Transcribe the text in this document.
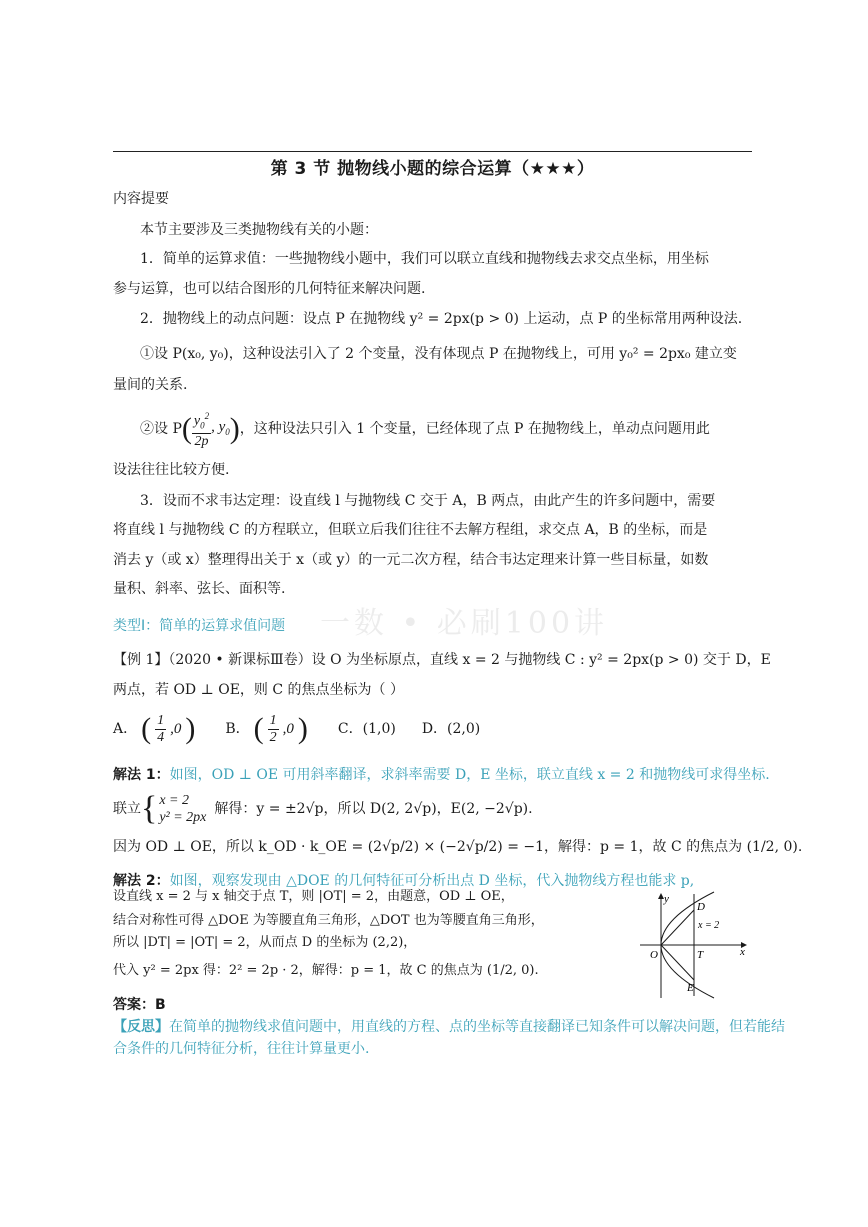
第 3 节 抛物线小题的综合运算（★★★）
内容提要
本节主要涉及三类抛物线有关的小题：
1．简单的运算求值：一些抛物线小题中，我们可以联立直线和抛物线去求交点坐标，用坐标
参与运算，也可以结合图形的几何特征来解决问题.
2．抛物线上的动点问题：设点 P 在抛物线 y² = 2px(p > 0) 上运动，点 P 的坐标常用两种设法.
①设 P(x₀, y₀)，这种设法引入了 2 个变量，没有体现点 P 在抛物线上，可用 y₀² = 2px₀ 建立变
量间的关系.
②设 P ( $\frac{y_0^2}{2p}$ , $y_0$ ) ，这种设法只引入 1 个变量，已经体现了点 P 在抛物线上，单动点问题用此
设法往往比较方便.
3．设而不求韦达定理：设直线 l 与抛物线 C 交于 A，B 两点，由此产生的许多问题中，需要
将直线 l 与抛物线 C 的方程联立，但联立后我们往往不去解方程组，求交点 A，B 的坐标，而是
消去 y（或 x）整理得出关于 x（或 y）的一元二次方程，结合韦达定理来计算一些目标量，如数
量积、斜率、弦长、面积等.
一数 • 必刷100讲
类型Ⅰ：简单的运算求值问题
【例 1】（2020 • 新课标Ⅲ卷）设 O 为坐标原点，直线 x = 2 与抛物线 C : y² = 2px(p > 0) 交于 D，E
两点，若 OD ⊥ OE，则 C 的焦点坐标为（ ）
A． ( $\frac{1}{4} ,0$ ) B． ( $\frac{1}{2} ,0$ ) C．(1,0) D．(2,0)
解法 1：如图，OD ⊥ OE 可用斜率翻译，求斜率需要 D，E 坐标，联立直线 x = 2 和抛物线可求得坐标.
联立 { x = 2
y² = 2px
解得：y = ±2√p，所以 D(2, 2√p)，E(2, −2√p).
因为 OD ⊥ OE，所以 k_OD · k_OE = (2√p/2) × (−2√p/2) = −1，解得：p = 1，故 C 的焦点为 (1/2, 0).
解法 2：如图，观察发现由 △DOE 的几何特征可分析出点 D 坐标，代入抛物线方程也能求 p,
设直线 x = 2 与 x 轴交于点 T，则 |OT| = 2，由题意，OD ⊥ OE，
结合对称性可得 △DOE 为等腰直角三角形，△DOT 也为等腰直角三角形，
所以 |DT| = |OT| = 2，从而点 D 的坐标为 (2,2)，
代入 y² = 2px 得：2² = 2p · 2，解得：p = 1，故 C 的焦点为 (1/2, 0).
答案：B
【反思】在简单的抛物线求值问题中，用直线的方程、点的坐标等直接翻译已知条件可以解决问题，但若能结
合条件的几何特征分析，往往计算量更小.
y
x
O
D
T
E
x = 2
